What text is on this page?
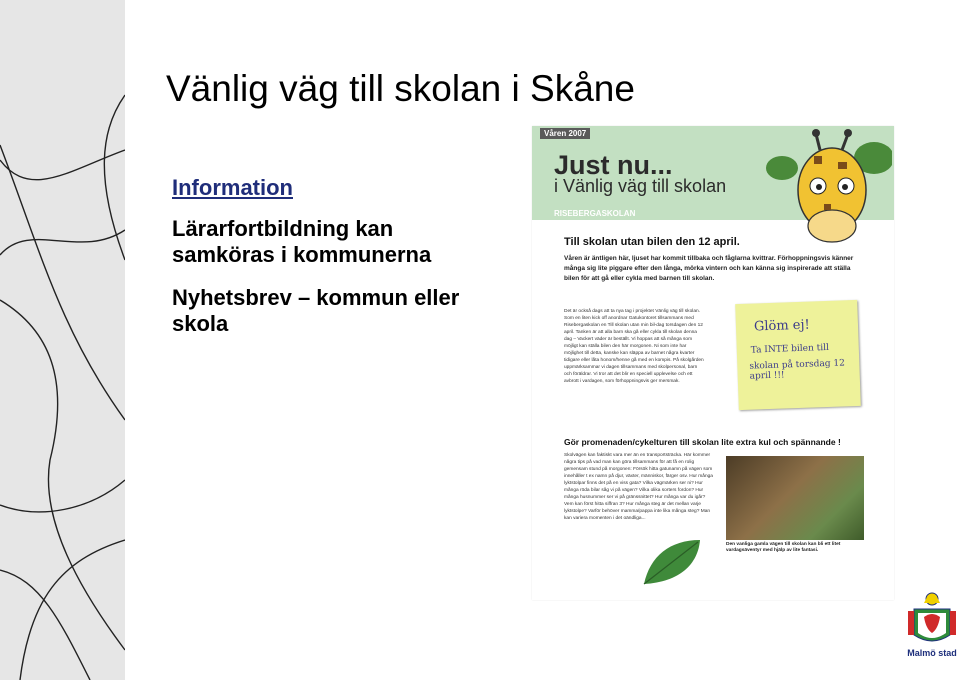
Vänlig väg till skolan i Skåne
Information
Lärarfortbildning kan samköras i kommunerna
Nyhetsbrev – kommun eller skola
Våren 2007
Just nu...
i Vänlig väg till skolan
RISEBERGASKOLAN
Till skolan utan bilen den 12 april.
Våren är äntligen här, ljuset har kommit tillbaka och fåglarna kvittrar. Förhoppningsvis känner många sig lite piggare efter den långa, mörka vintern och kan känna sig inspirerade att ställa bilen för att gå eller cykla med barnen till skolan.
Det är också dags att ta nya tag i projektet Vänlig väg till skolan. Som en liten kick off anordnar Gatukontoret tillsammans med Risebergaskolan en Till skolan utan min bil-dag torsdagen den 12 april. Tanken är att alla barn ska gå eller cykla till skolan denna dag – Vackert väder är beställt. Vi hoppas att så många som möjligt kan ställa bilen den här morgonen. Ni som inte har möjlighet till detta, kanske kan släppa av barnet några kvarter tidigare eller låta honom/henne gå med en kompis. På skolgården uppmärksammar vi dagen tillsammans med skolpersonal, barn och föräldrar. Vi tror att det blir en speciell upplevelse och ett avbrott i vardagen, som förhoppningsvis ger mersmak.
Glöm ej!
Ta INTE bilen till
skolan på torsdag 12 april !!!
Gör promenaden/cykelturen till skolan lite extra kul och spännande !
Skolvägen kan faktiskt vara mer än en transportsträcka. Här kommer några tips på vad man kan göra tillsammans för att få en rolig gemensam stund på morgonen: Försök hitta gatunamn på vägen som innehåller t ex namn på djur, växter, människor, färger osv. Hur många lyktstolpar finns det på en viss gata? Vilka vägmärken ser ni? Hur många röda bilar såg vi på vägen? Vilka olika sorters fordon? Hur många husnummer ser vi på gränssnittet? Hur många var du igår? Vem kan först hitta siffran 3? Hur många steg är det mellan varje lyktstolpe? Varför behöver mamma/pappa inte lika många steg? Man kan variera momenten i det oändliga...
Den vanliga gamla vägen till skolan kan bli ett litet vardagsäventyr med hjälp av lite fantasi.
Malmö stad
